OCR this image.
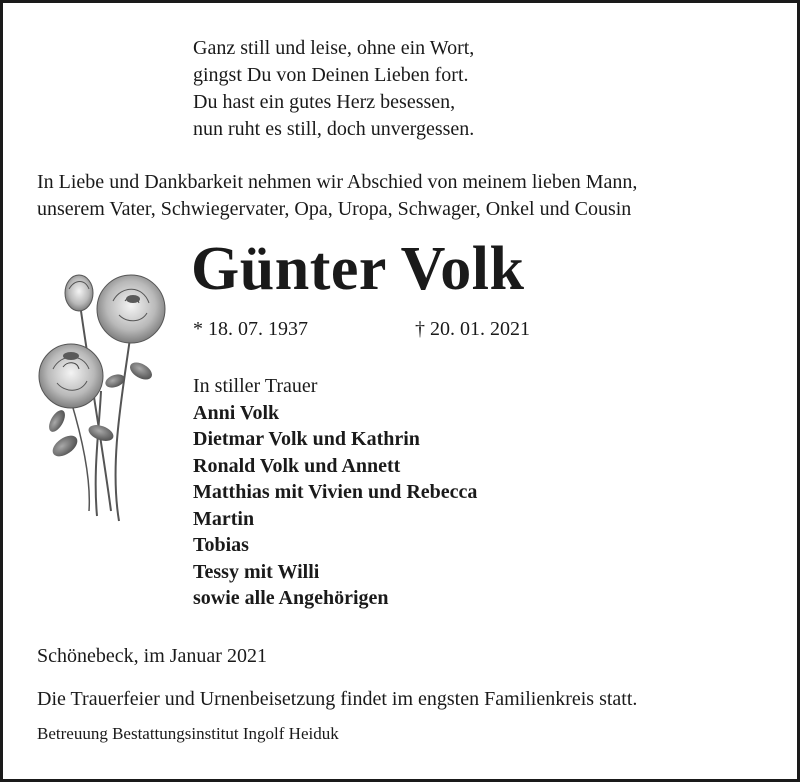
Ganz still und leise, ohne ein Wort,
gingst Du von Deinen Lieben fort.
Du hast ein gutes Herz besessen,
nun ruht es still, doch unvergessen.
In Liebe und Dankbarkeit nehmen wir Abschied von meinem lieben Mann,
unserem Vater, Schwiegervater, Opa, Uropa, Schwager, Onkel und Cousin
Günter Volk
* 18. 07. 1937	† 20. 01. 2021
In stiller Trauer
Anni Volk
Dietmar Volk und Kathrin
Ronald Volk und Annett
Matthias mit Vivien und Rebecca
Martin
Tobias
Tessy mit Willi
sowie alle Angehörigen
Schönebeck, im Januar 2021
Die Trauerfeier und Urnenbeisetzung findet im engsten Familienkreis statt.
Betreuung Bestattungsinstitut Ingolf Heiduk
